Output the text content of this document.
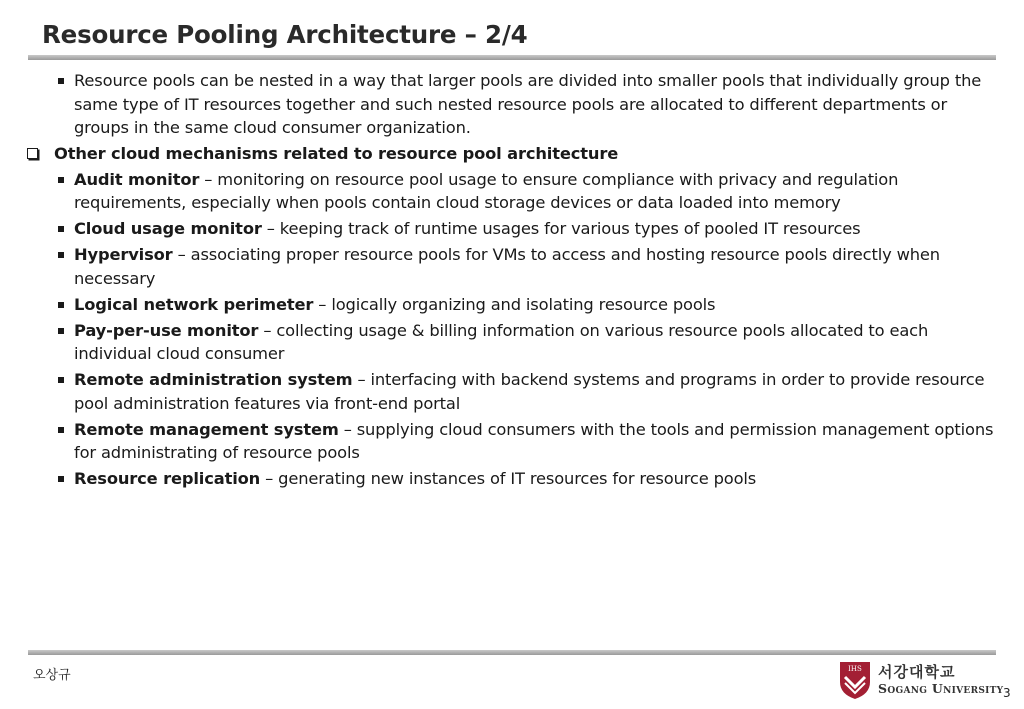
Resource Pooling Architecture – 2/4
Resource pools can be nested in a way that larger pools are divided into smaller pools that individually group the same type of IT resources together and such nested resource pools are allocated to different departments or groups in the same cloud consumer organization.
Other cloud mechanisms related to resource pool architecture
Audit monitor – monitoring on resource pool usage to ensure compliance with privacy and regulation requirements, especially when pools contain cloud storage devices or data loaded into memory
Cloud usage monitor – keeping track of runtime usages for various types of pooled IT resources
Hypervisor – associating proper resource pools for VMs to access and hosting resource pools directly when necessary
Logical network perimeter – logically organizing and isolating resource pools
Pay-per-use monitor – collecting usage & billing information on various resource pools allocated to each individual cloud consumer
Remote administration system – interfacing with backend systems and programs in order to provide resource pool administration features via front-end portal
Remote management system – supplying cloud consumers with the tools and permission management options for administrating of resource pools
Resource replication – generating new instances of IT resources for resource pools
오상규	IHS 서강대학교
Sogang University 3
